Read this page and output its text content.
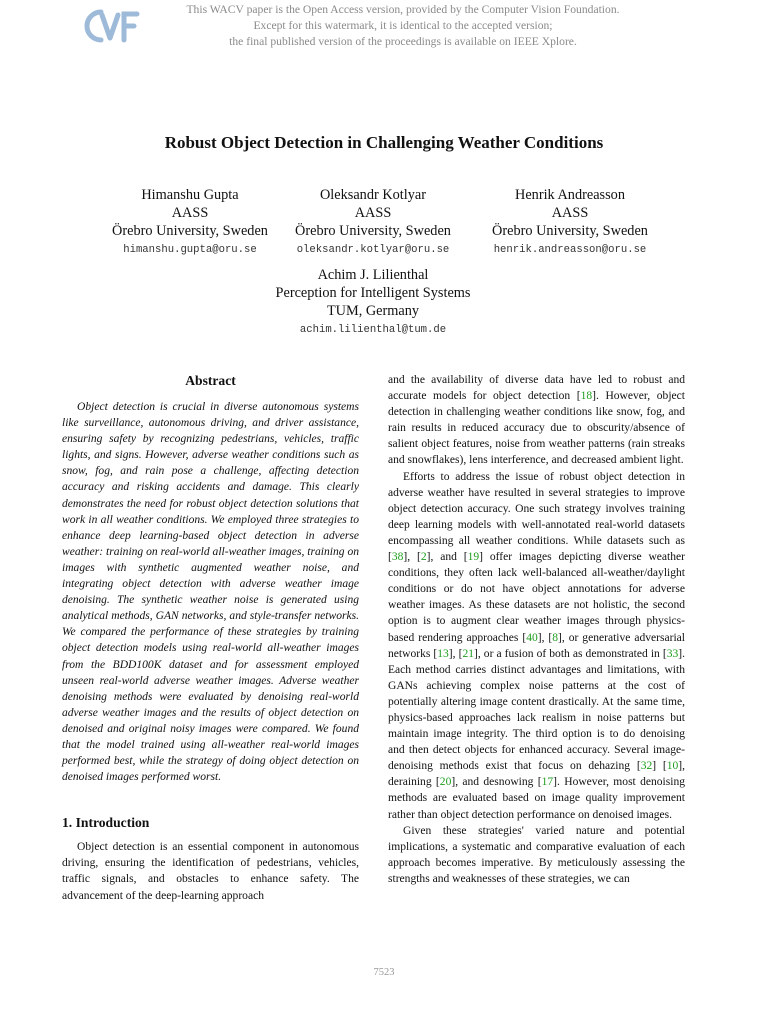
This WACV paper is the Open Access version, provided by the Computer Vision Foundation.
Except for this watermark, it is identical to the accepted version;
the final published version of the proceedings is available on IEEE Xplore.
Robust Object Detection in Challenging Weather Conditions
Himanshu Gupta
AASS
Örebro University, Sweden
himanshu.gupta@oru.se
Oleksandr Kotlyar
AASS
Örebro University, Sweden
oleksandr.kotlyar@oru.se
Henrik Andreasson
AASS
Örebro University, Sweden
henrik.andreasson@oru.se
Achim J. Lilienthal
Perception for Intelligent Systems
TUM, Germany
achim.lilienthal@tum.de
Abstract

Object detection is crucial in diverse autonomous systems like surveillance, autonomous driving, and driver assistance, ensuring safety by recognizing pedestrians, vehicles, traffic lights, and signs. However, adverse weather conditions such as snow, fog, and rain pose a challenge, affecting detection accuracy and risking accidents and damage. This clearly demonstrates the need for robust object detection solutions that work in all weather conditions. We employed three strategies to enhance deep learning-based object detection in adverse weather: training on real-world all-weather images, training on images with synthetic augmented weather noise, and integrating object detection with adverse weather image denoising. The synthetic weather noise is generated using analytical methods, GAN networks, and style-transfer networks. We compared the performance of these strategies by training object detection models using real-world all-weather images from the BDD100K dataset and for assessment employed unseen real-world adverse weather images. Adverse weather denoising methods were evaluated by denoising real-world adverse weather images and the results of object detection on denoised and original noisy images were compared. We found that the model trained using all-weather real-world images performed best, while the strategy of doing object detection on denoised images performed worst.

1. Introduction

Object detection is an essential component in autonomous driving, ensuring the identification of pedestrians, vehicles, traffic signals, and obstacles to enhance safety. The advancement of the deep-learning approach

and the availability of diverse data have led to robust and accurate models for object detection [18]. However, object detection in challenging weather conditions like snow, fog, and rain results in reduced accuracy due to obscurity/absence of salient object features, noise from weather patterns (rain streaks and snowflakes), lens interference, and decreased ambient light.

Efforts to address the issue of robust object detection in adverse weather have resulted in several strategies to improve object detection accuracy. One such strategy involves training deep learning models with well-annotated real-world datasets encompassing all weather conditions. While datasets such as [38], [2], and [19] offer images depicting diverse weather conditions, they often lack well-balanced all-weather/daylight conditions or do not have object annotations for adverse weather images. As these datasets are not holistic, the second option is to augment clear weather images through physics-based rendering approaches [40], [8], or generative adversarial networks [13], [21], or a fusion of both as demonstrated in [33]. Each method carries distinct advantages and limitations, with GANs achieving complex noise patterns at the cost of potentially altering image content drastically. At the same time, physics-based approaches lack realism in noise patterns but maintain image integrity. The third option is to do denoising and then detect objects for enhanced accuracy. Several image-denoising methods exist that focus on dehazing [32] [10], deraining [20], and desnowing [17]. However, most denoising methods are evaluated based on image quality improvement rather than object detection performance on denoised images.

Given these strategies' varied nature and potential implications, a systematic and comparative evaluation of each approach becomes imperative. By meticulously assessing the strengths and weaknesses of these strategies, we can

7523
